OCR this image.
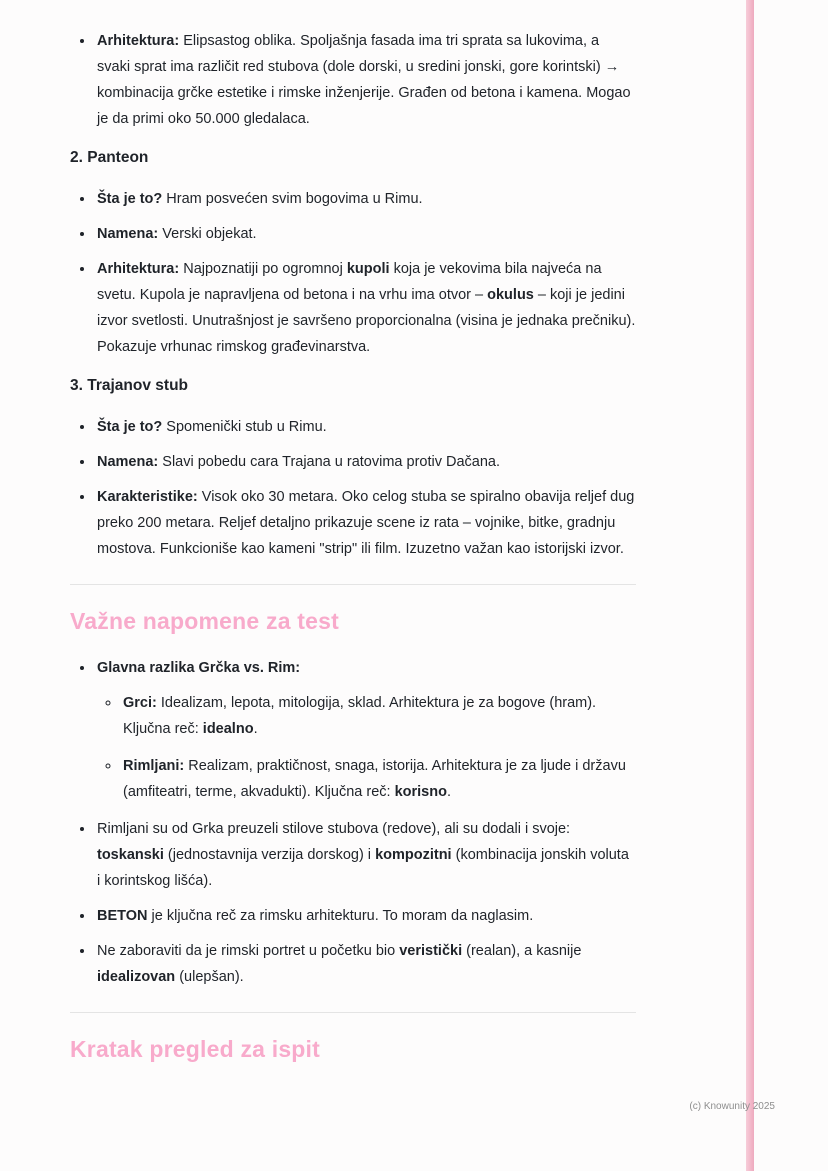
• Arhitektura: Elipsastog oblika. Spoljašnja fasada ima tri sprata sa lukovima, a svaki sprat ima različit red stubova (dole dorski, u sredini jonski, gore korintski) → kombinacija grčke estetike i rimske inženjerije. Građen od betona i kamena. Mogao je da primi oko 50.000 gledalaca.
2. Panteon
• Šta je to? Hram posvećen svim bogovima u Rimu.
• Namena: Verski objekat.
• Arhitektura: Najpoznatiji po ogromnoj kupoli koja je vekovima bila najveća na svetu. Kupola je napravljena od betona i na vrhu ima otvor – okulus – koji je jedini izvor svetlosti. Unutrašnjost je savršeno proporcionalna (visina je jednaka prečniku). Pokazuje vrhunac rimskog građevinarstva.
3. Trajanov stub
• Šta je to? Spomenički stub u Rimu.
• Namena: Slavi pobedu cara Trajana u ratovima protiv Dačana.
• Karakteristike: Visok oko 30 metara. Oko celog stuba se spiralno obavija reljef dug preko 200 metara. Reljef detaljno prikazuje scene iz rata – vojnike, bitke, gradnju mostova. Funkcioniše kao kameni "strip" ili film. Izuzetno važan kao istorijski izvor.
Važne napomene za test
• Glavna razlika Grčka vs. Rim:
◦ Grci: Idealizam, lepota, mitologija, sklad. Arhitektura je za bogove (hram). Ključna reč: idealno.
◦ Rimljani: Realizam, praktičnost, snaga, istorija. Arhitektura je za ljude i državu (amfiteatri, terme, akvadukti). Ključna reč: korisno.
• Rimljani su od Grka preuzeli stilove stubova (redove), ali su dodali i svoje: toskanski (jednostavnija verzija dorskog) i kompozitni (kombinacija jonskih voluta i korintskog lišća).
• BETON je ključna reč za rimsku arhitekturu. To moram da naglasim.
• Ne zaboraviti da je rimski portret u početku bio veristički (realan), a kasnije idealizovan (ulepšan).
Kratak pregled za ispit
(c) Knowunity 2025
